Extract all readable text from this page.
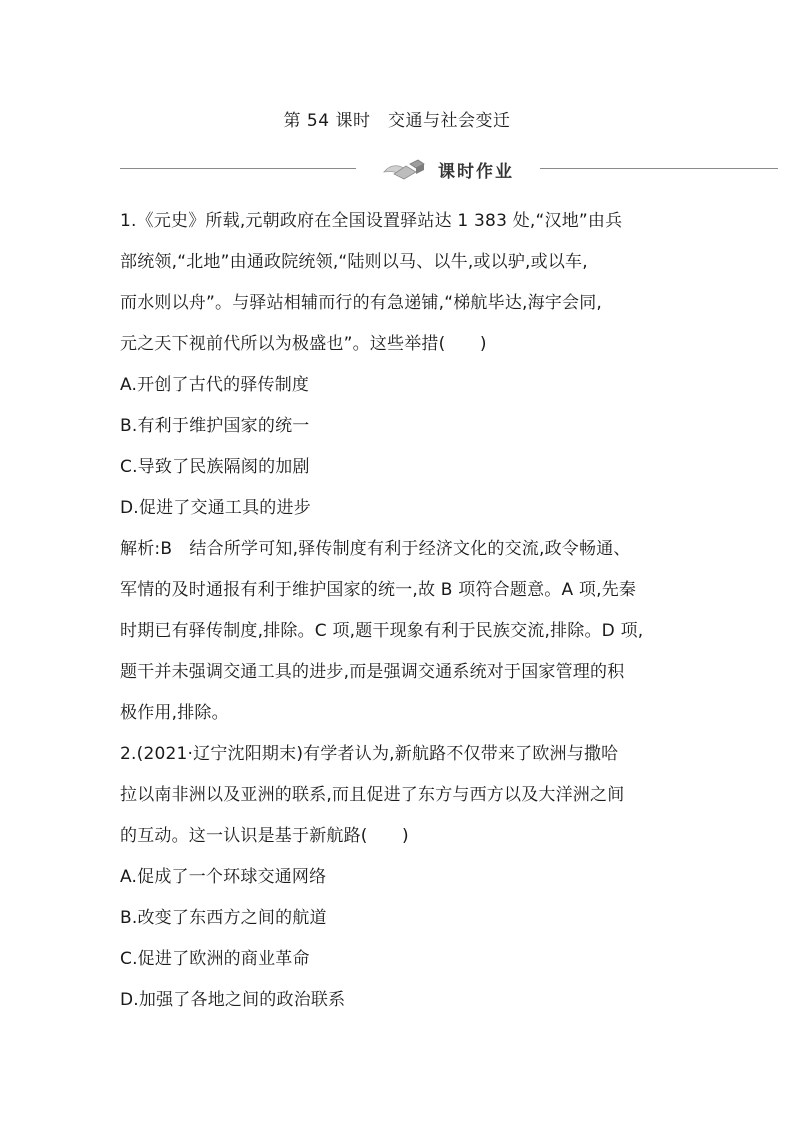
第 54 课时　交通与社会变迁
课时作业
1.《元史》所载,元朝政府在全国设置驿站达 1 383 处,“汉地”由兵
部统领,“北地”由通政院统领,“陆则以马、以牛,或以驴,或以车,
而水则以舟”。与驿站相辅而行的有急递铺,“梯航毕达,海宇会同,
元之天下视前代所以为极盛也”。这些举措(　　)
A.开创了古代的驿传制度
B.有利于维护国家的统一
C.导致了民族隔阂的加剧
D.促进了交通工具的进步
解析:B　结合所学可知,驿传制度有利于经济文化的交流,政令畅通、
军情的及时通报有利于维护国家的统一,故 B 项符合题意。A 项,先秦
时期已有驿传制度,排除。C 项,题干现象有利于民族交流,排除。D 项,
题干并未强调交通工具的进步,而是强调交通系统对于国家管理的积
极作用,排除。
2.(2021·辽宁沈阳期末)有学者认为,新航路不仅带来了欧洲与撒哈
拉以南非洲以及亚洲的联系,而且促进了东方与西方以及大洋洲之间
的互动。这一认识是基于新航路(　　)
A.促成了一个环球交通网络
B.改变了东西方之间的航道
C.促进了欧洲的商业革命
D.加强了各地之间的政治联系
